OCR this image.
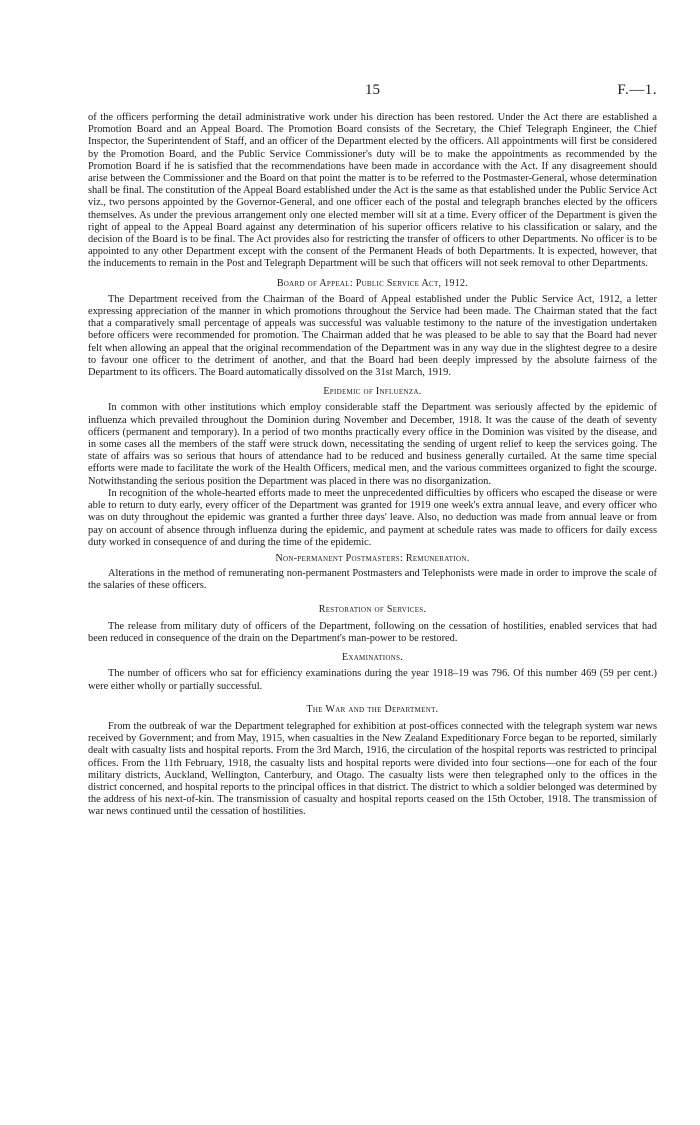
15	F.—1.

of the officers performing the detail administrative work under his direction has been restored. Under the Act there are established a Promotion Board and an Appeal Board. The Promotion Board consists of the Secretary, the Chief Telegraph Engineer, the Chief Inspector, the Superintendent of Staff, and an officer of the Department elected by the officers. All appointments will first be considered by the Promotion Board, and the Public Service Commissioner's duty will be to make the appointments as recommended by the Promotion Board if he is satisfied that the recommendations have been made in accordance with the Act. If any disagreement should arise between the Commissioner and the Board on that point the matter is to be referred to the Postmaster-General, whose determination shall be final. The constitution of the Appeal Board established under the Act is the same as that established under the Public Service Act viz., two persons appointed by the Governor-General, and one officer each of the postal and telegraph branches elected by the officers themselves. As under the previous arrangement only one elected member will sit at a time. Every officer of the Department is given the right of appeal to the Appeal Board against any determination of his superior officers relative to his classification or salary, and the decision of the Board is to be final. The Act provides also for restricting the transfer of officers to other Departments. No officer is to be appointed to any other Department except with the consent of the Permanent Heads of both Departments. It is expected, however, that the inducements to remain in the Post and Telegraph Department will be such that officers will not seek removal to other Departments.

Board of Appeal: Public Service Act, 1912.

The Department received from the Chairman of the Board of Appeal established under the Public Service Act, 1912, a letter expressing appreciation of the manner in which promotions throughout the Service had been made. The Chairman stated that the fact that a comparatively small percentage of appeals was successful was valuable testimony to the nature of the investigation undertaken before officers were recommended for promotion. The Chairman added that he was pleased to be able to say that the Board had never felt when allowing an appeal that the original recommendation of the Department was in any way due in the slightest degree to a desire to favour one officer to the detriment of another, and that the Board had been deeply impressed by the absolute fairness of the Department to its officers. The Board automatically dissolved on the 31st March, 1919.

Epidemic of Influenza.

In common with other institutions which employ considerable staff the Department was seriously affected by the epidemic of influenza which prevailed throughout the Dominion during November and December, 1918. It was the cause of the death of seventy officers (permanent and temporary). In a period of two months practically every office in the Dominion was visited by the disease, and in some cases all the members of the staff were struck down, necessitating the sending of urgent relief to keep the services going. The state of affairs was so serious that hours of attendance had to be reduced and business generally curtailed. At the same time special efforts were made to facilitate the work of the Health Officers, medical men, and the various committees organized to fight the scourge. Notwithstanding the serious position the Department was placed in there was no disorganization.

In recognition of the whole-hearted efforts made to meet the unprecedented difficulties by officers who escaped the disease or were able to return to duty early, every officer of the Department was granted for 1919 one week's extra annual leave, and every officer who was on duty throughout the epidemic was granted a further three days' leave. Also, no deduction was made from annual leave or from pay on account of absence through influenza during the epidemic, and payment at schedule rates was made to officers for daily excess duty worked in consequence of and during the time of the epidemic.

Non-permanent Postmasters: Remuneration.

Alterations in the method of remunerating non-permanent Postmasters and Telephonists were made in order to improve the scale of the salaries of these officers.

Restoration of Services.

The release from military duty of officers of the Department, following on the cessation of hostilities, enabled services that had been reduced in consequence of the drain on the Department's man-power to be restored.

Examinations.

The number of officers who sat for efficiency examinations during the year 1918–19 was 796. Of this number 469 (59 per cent.) were either wholly or partially successful.

The War and the Department.

From the outbreak of war the Department telegraphed for exhibition at post-offices connected with the telegraph system war news received by Government; and from May, 1915, when casualties in the New Zealand Expeditionary Force began to be reported, similarly dealt with casualty lists and hospital reports. From the 3rd March, 1916, the circulation of the hospital reports was restricted to principal offices. From the 11th February, 1918, the casualty lists and hospital reports were divided into four sections—one for each of the four military districts, Auckland, Wellington, Canterbury, and Otago. The casualty lists were then telegraphed only to the offices in the district concerned, and hospital reports to the principal offices in that district. The district to which a soldier belonged was determined by the address of his next-of-kin. The transmission of casualty and hospital reports ceased on the 15th October, 1918. The transmission of war news continued until the cessation of hostilities.
